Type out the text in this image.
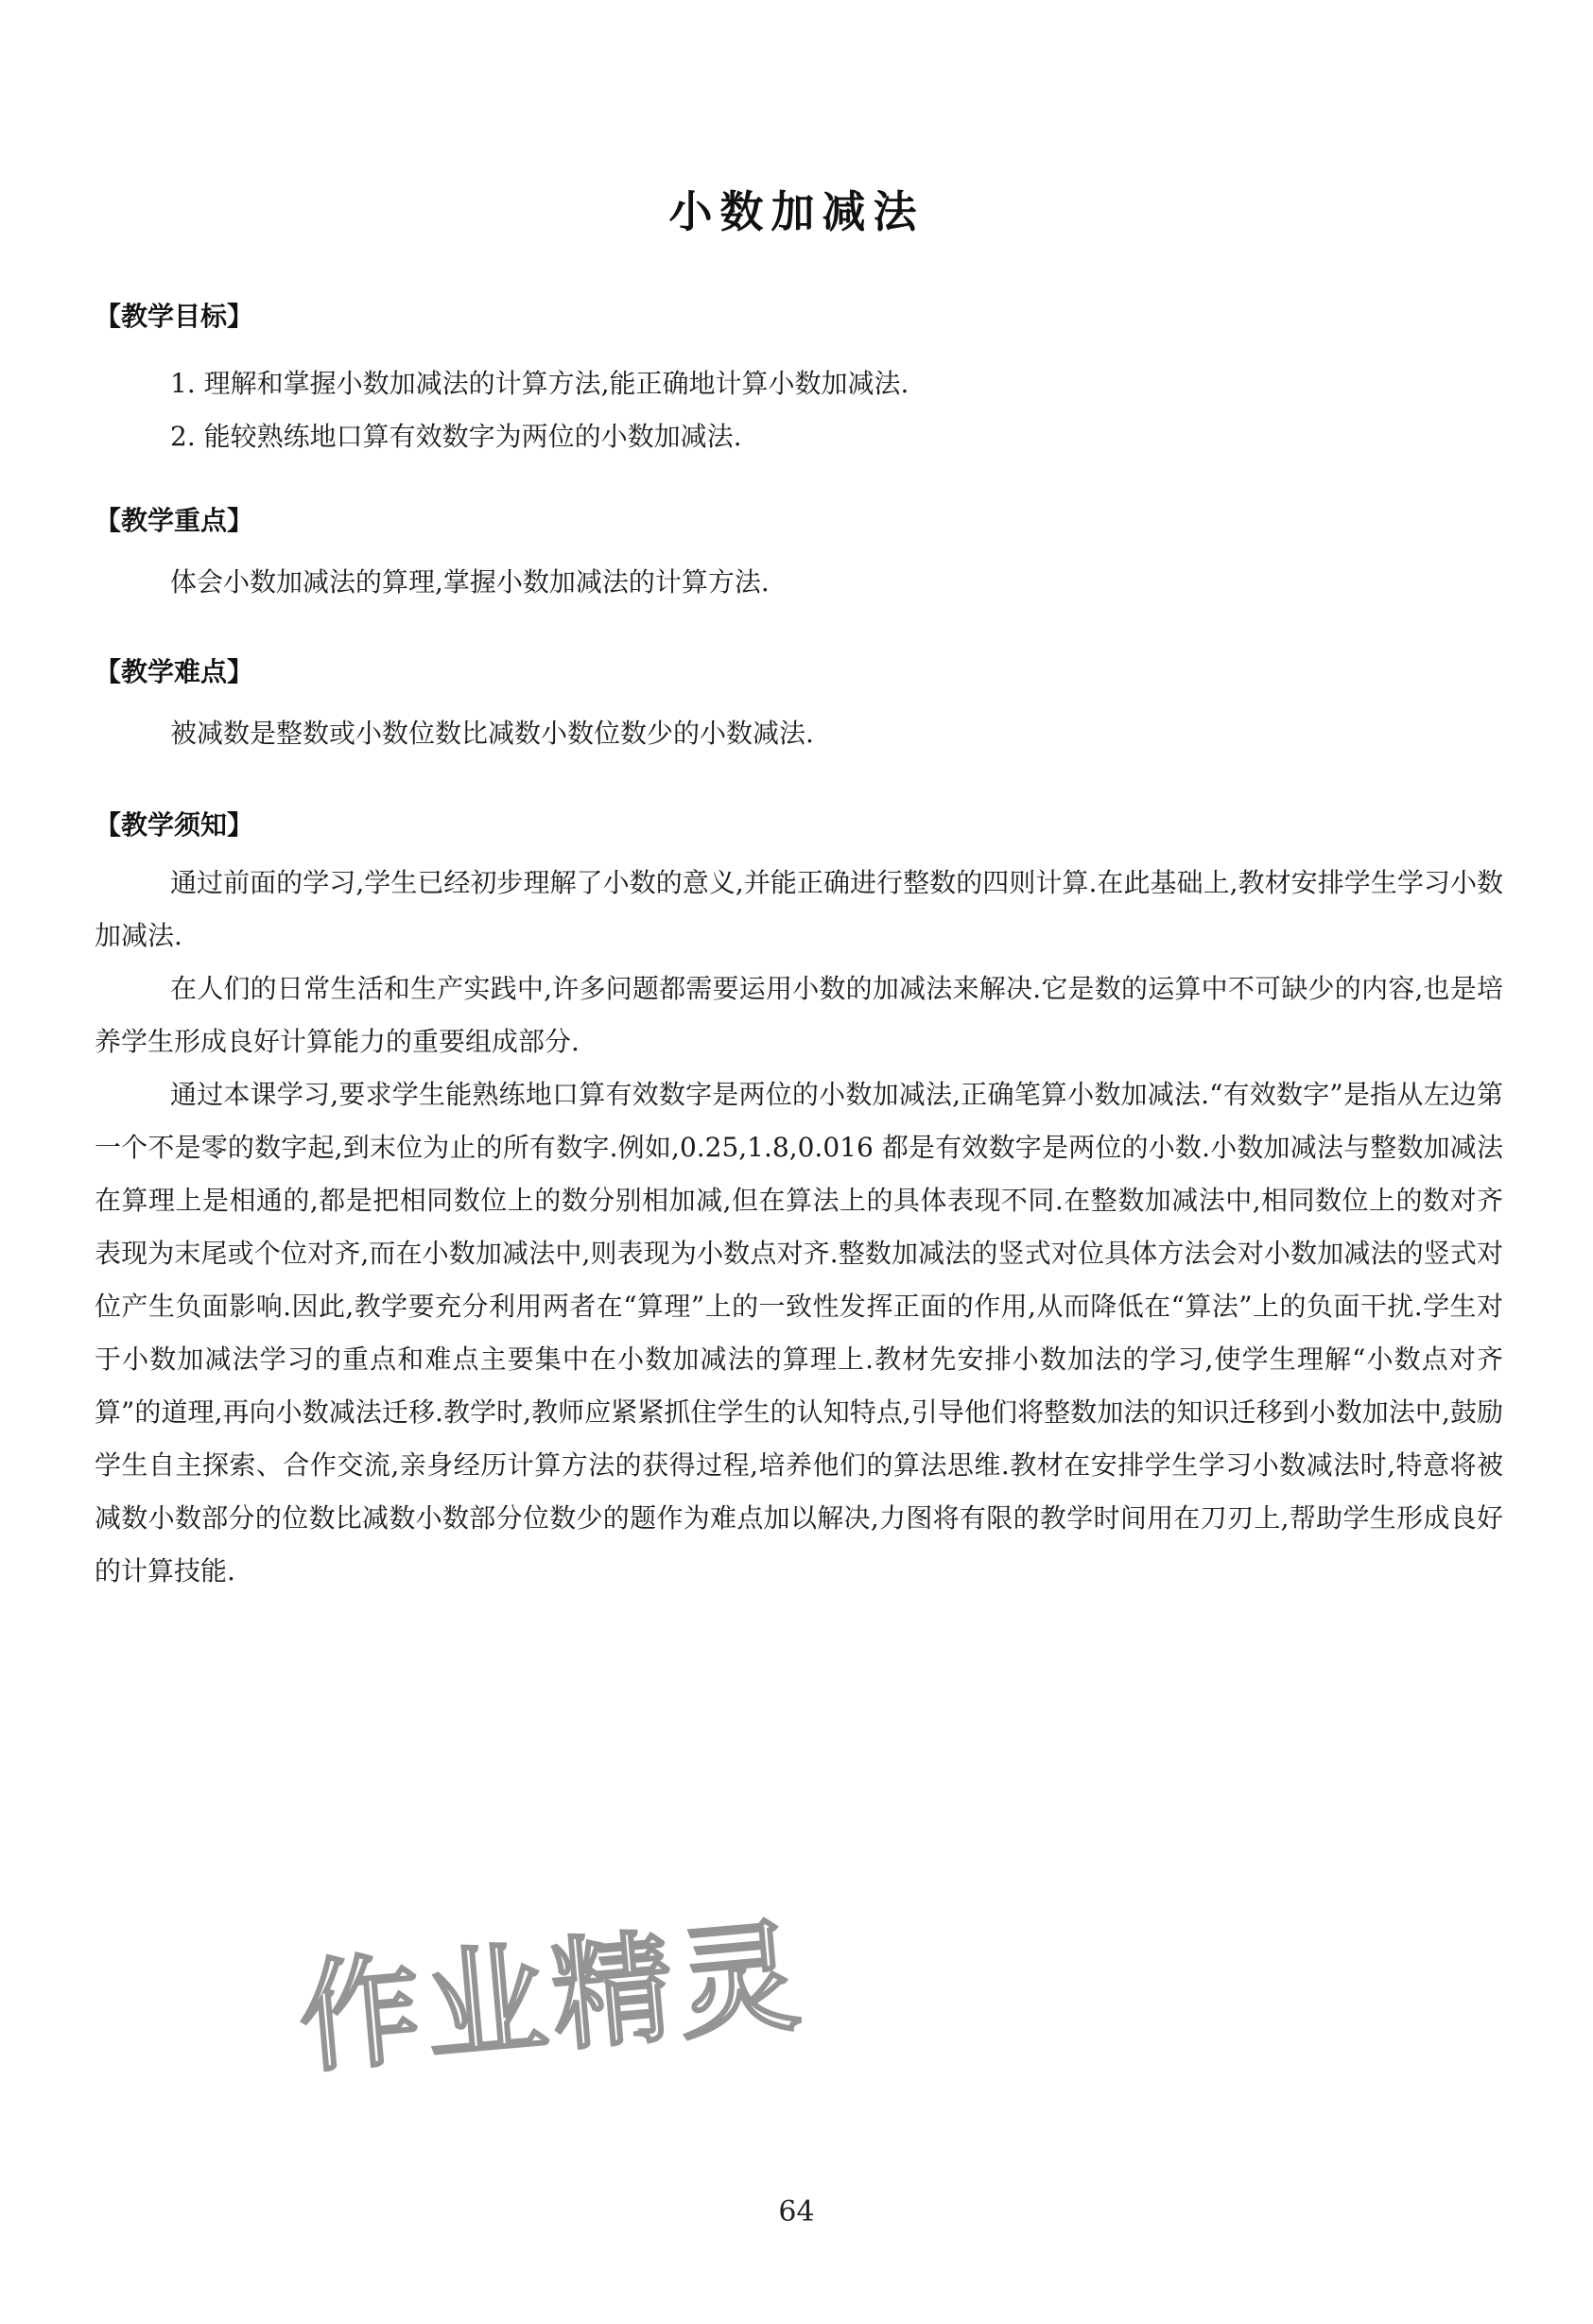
小数加减法
【教学目标】
1. 理解和掌握小数加减法的计算方法,能正确地计算小数加减法.
2. 能较熟练地口算有效数字为两位的小数加减法.
【教学重点】
体会小数加减法的算理,掌握小数加减法的计算方法.
【教学难点】
被减数是整数或小数位数比减数小数位数少的小数减法.
【教学须知】

通过前面的学习,学生已经初步理解了小数的意义,并能正确进行整数的四则计算.在此基础上,教材安排学生学习小数加减法.

在人们的日常生活和生产实践中,许多问题都需要运用小数的加减法来解决.它是数的运算中不可缺少的内容,也是培养学生形成良好计算能力的重要组成部分.

通过本课学习,要求学生能熟练地口算有效数字是两位的小数加减法,正确笔算小数加减法.“有效数字”是指从左边第一个不是零的数字起,到末位为止的所有数字.例如,0.25,1.8,0.016 都是有效数字是两位的小数.小数加减法与整数加减法在算理上是相通的,都是把相同数位上的数分别相加减,但在算法上的具体表现不同.在整数加减法中,相同数位上的数对齐表现为末尾或个位对齐,而在小数加减法中,则表现为小数点对齐.整数加减法的竖式对位具体方法会对小数加减法的竖式对位产生负面影响.因此,教学要充分利用两者在“算理”上的一致性发挥正面的作用,从而降低在“算法”上的负面干扰.学生对于小数加减法学习的重点和难点主要集中在小数加减法的算理上.教材先安排小数加法的学习,使学生理解“小数点对齐算”的道理,再向小数减法迁移.教学时,教师应紧紧抓住学生的认知特点,引导他们将整数加法的知识迁移到小数加法中,鼓励学生自主探索、合作交流,亲身经历计算方法的获得过程,培养他们的算法思维.教材在安排学生学习小数减法时,特意将被减数小数部分的位数比减数小数部分位数少的题作为难点加以解决,力图将有限的教学时间用在刀刃上,帮助学生形成良好的计算技能.

作业精灵
64
